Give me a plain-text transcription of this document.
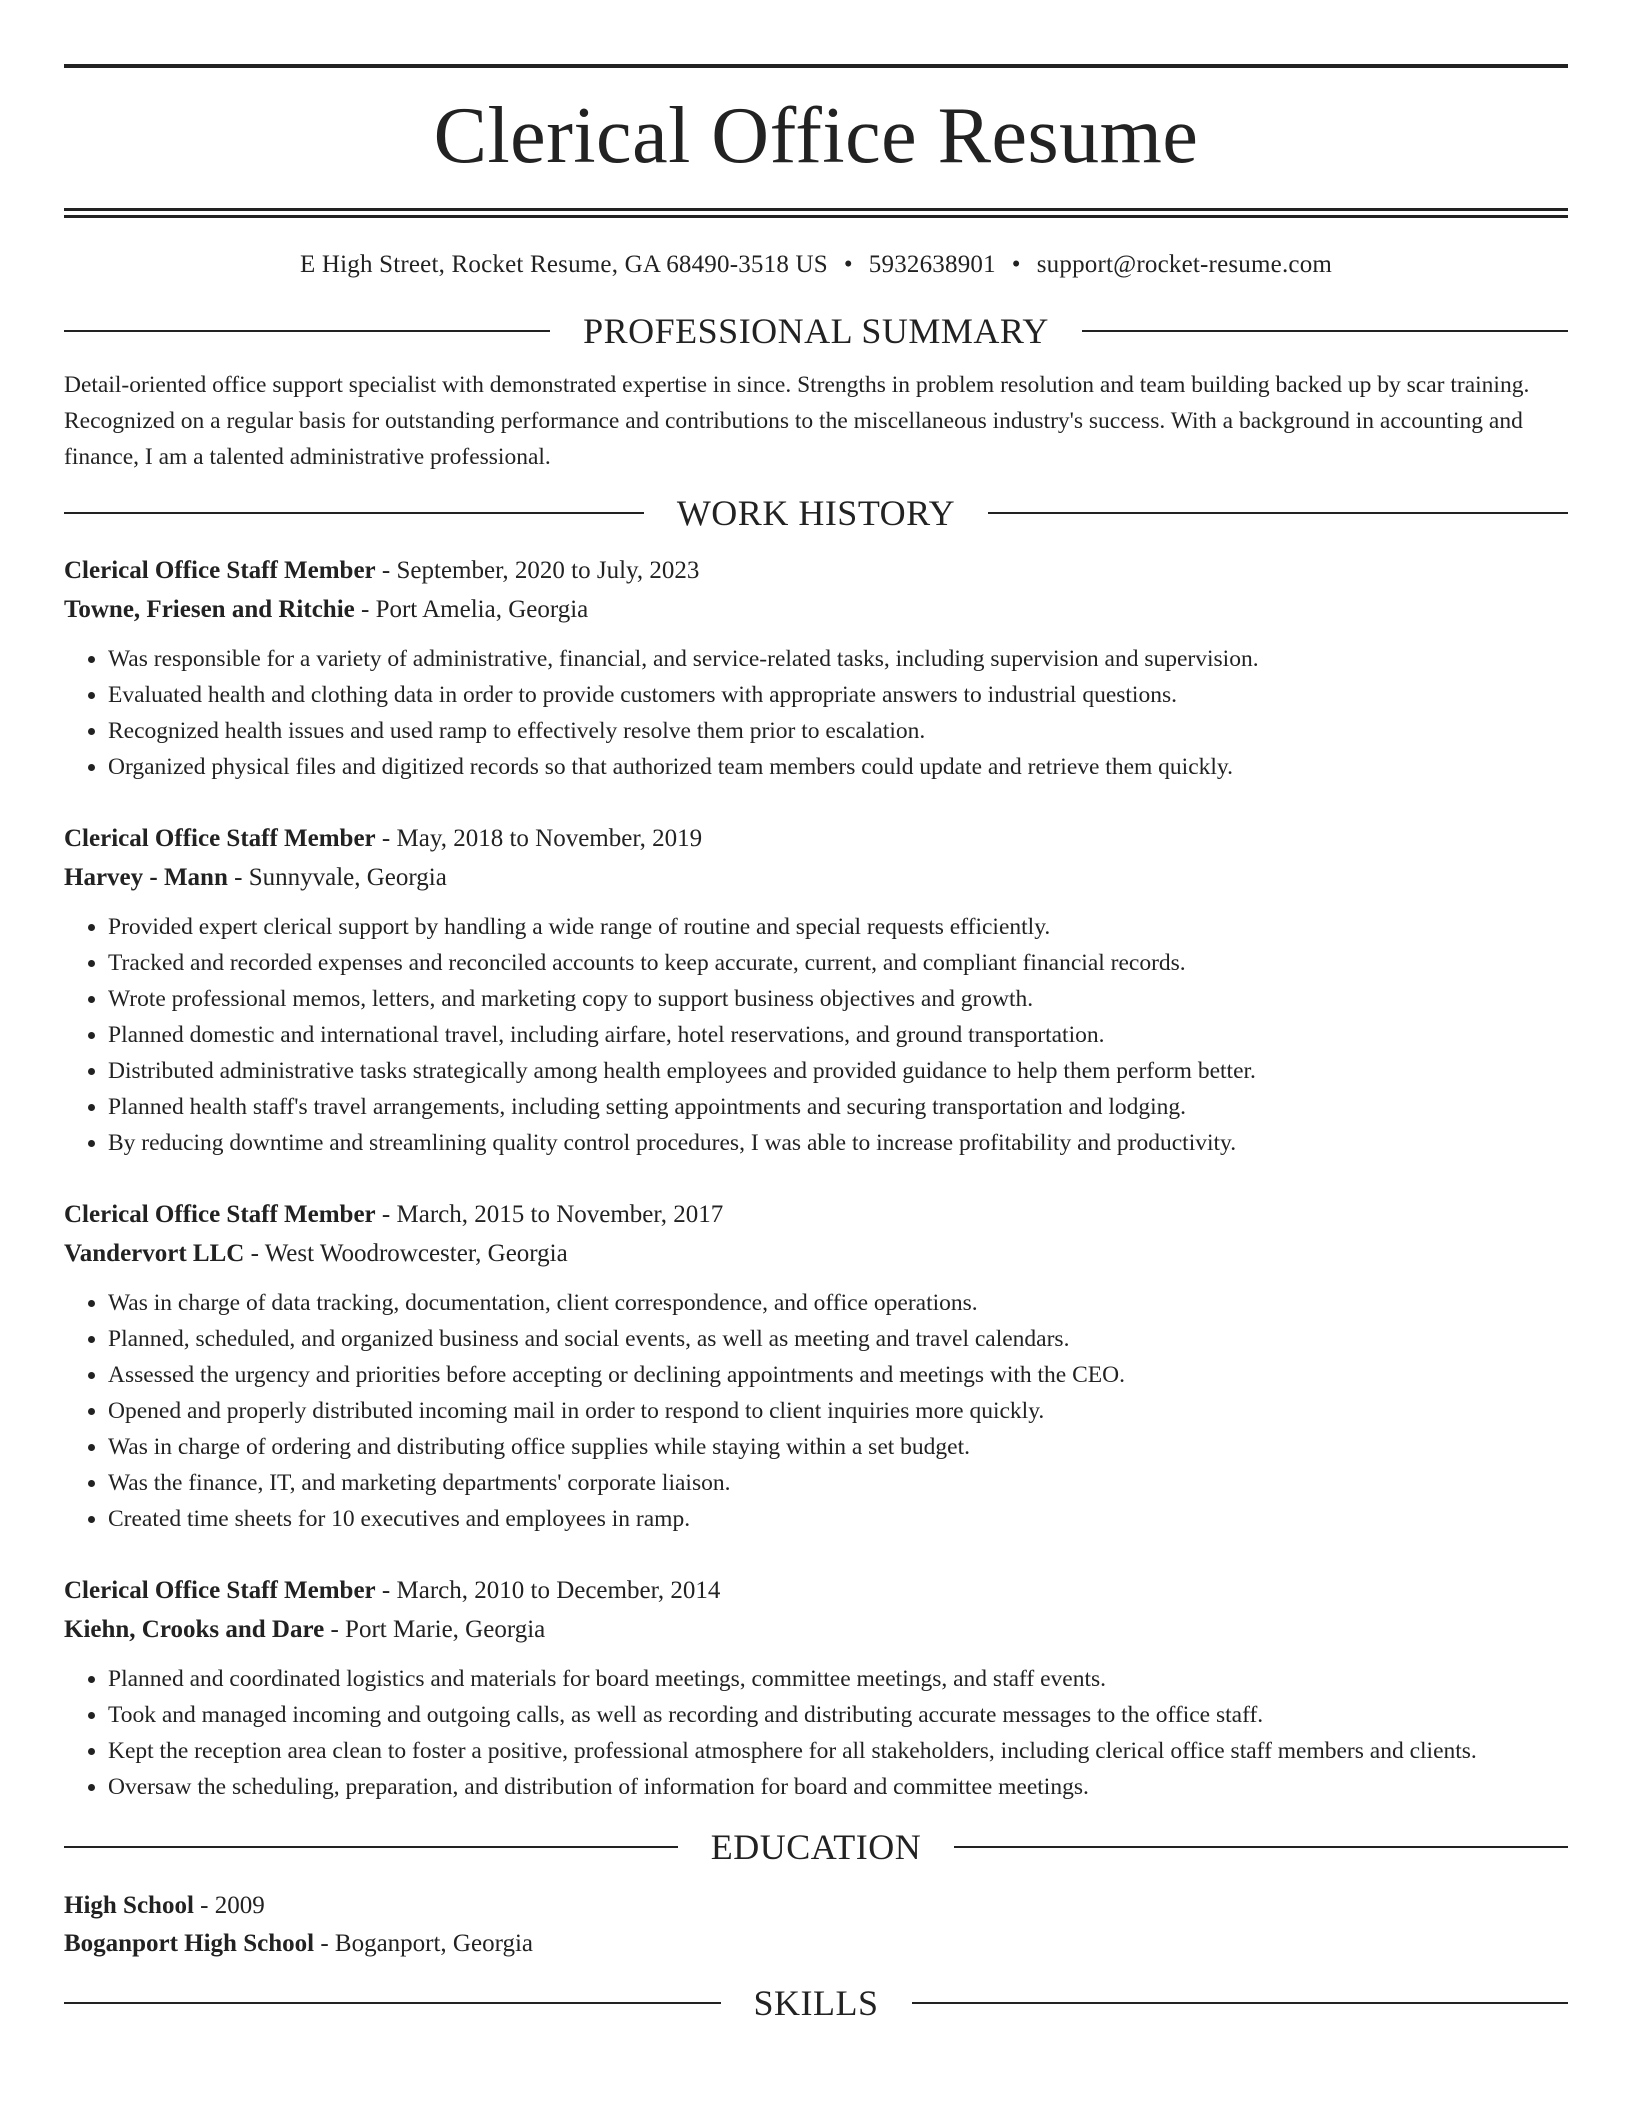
Clerical Office Resume
E High Street, Rocket Resume, GA 68490-3518 US • 5932638901 • support@rocket-resume.com
PROFESSIONAL SUMMARY

Detail-oriented office support specialist with demonstrated expertise in since. Strengths in problem resolution and team building backed up by scar training. Recognized on a regular basis for outstanding performance and contributions to the miscellaneous industry's success. With a background in accounting and finance, I am a talented administrative professional.

WORK HISTORY
Clerical Office Staff Member - September, 2020 to July, 2023
Towne, Friesen and Ritchie - Port Amelia, Georgia
• Was responsible for a variety of administrative, financial, and service-related tasks, including supervision and supervision.
• Evaluated health and clothing data in order to provide customers with appropriate answers to industrial questions.
• Recognized health issues and used ramp to effectively resolve them prior to escalation.
• Organized physical files and digitized records so that authorized team members could update and retrieve them quickly.
Clerical Office Staff Member - May, 2018 to November, 2019
Harvey - Mann - Sunnyvale, Georgia
• Provided expert clerical support by handling a wide range of routine and special requests efficiently.
• Tracked and recorded expenses and reconciled accounts to keep accurate, current, and compliant financial records.
• Wrote professional memos, letters, and marketing copy to support business objectives and growth.
• Planned domestic and international travel, including airfare, hotel reservations, and ground transportation.
• Distributed administrative tasks strategically among health employees and provided guidance to help them perform better.
• Planned health staff's travel arrangements, including setting appointments and securing transportation and lodging.
• By reducing downtime and streamlining quality control procedures, I was able to increase profitability and productivity.
Clerical Office Staff Member - March, 2015 to November, 2017
Vandervort LLC - West Woodrowcester, Georgia
• Was in charge of data tracking, documentation, client correspondence, and office operations.
• Planned, scheduled, and organized business and social events, as well as meeting and travel calendars.
• Assessed the urgency and priorities before accepting or declining appointments and meetings with the CEO.
• Opened and properly distributed incoming mail in order to respond to client inquiries more quickly.
• Was in charge of ordering and distributing office supplies while staying within a set budget.
• Was the finance, IT, and marketing departments' corporate liaison.
• Created time sheets for 10 executives and employees in ramp.
Clerical Office Staff Member - March, 2010 to December, 2014
Kiehn, Crooks and Dare - Port Marie, Georgia
• Planned and coordinated logistics and materials for board meetings, committee meetings, and staff events.
• Took and managed incoming and outgoing calls, as well as recording and distributing accurate messages to the office staff.
• Kept the reception area clean to foster a positive, professional atmosphere for all stakeholders, including clerical office staff members and clients.
• Oversaw the scheduling, preparation, and distribution of information for board and committee meetings.
EDUCATION
High School - 2009
Boganport High School - Boganport, Georgia
SKILLS
